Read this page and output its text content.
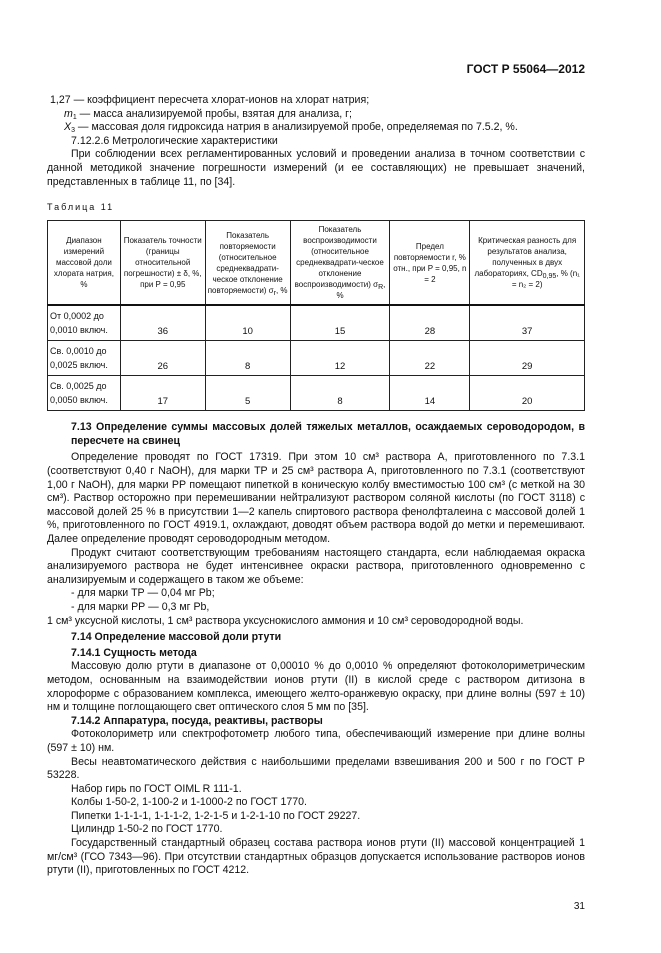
ГОСТ Р 55064—2012

1,27 — коэффициент пересчета хлорат-ионов на хлорат натрия;

$m_1$ — масса анализируемой пробы, взятая для анализа, г;

$X_3$ — массовая доля гидроксида натрия в анализируемой пробе, определяемая по 7.5.2, %.

7.12.2.6 Метрологические характеристики

При соблюдении всех регламентированных условий и проведении анализа в точном соответствии с данной методикой значение погрешности измерений (и ее составляющих) не превышает значений, представленных в таблице 11, по [34].

Таблица 11

Диапазон измерений массовой доли хлората натрия, %	Показатель точности (границы относительной погрешности) ± δ, %, при P = 0,95	Показатель повторяемости (относительное среднеквадрати-ческое отклонение повторяемости) $\sigma_r$, %	Показатель воспроизводимости (относительное среднеквадрати-ческое отклонение воспроизводимости) $\sigma_R$, %	Предел повторяемости r, % отн., при P = 0,95, n = 2	Критическая разность для результатов анализа, полученных в двух лабораториях, $CD_{0,95}$, % (n₁ = n₂ = 2)
От 0,0002 до 0,0010 включ.	36	10	15	28	37
Св. 0,0010 до 0,0025 включ.	26	8	12	22	29
Св. 0,0025 до 0,0050 включ.	17	5	8	14	20

7.13 Определение суммы массовых долей тяжелых металлов, осаждаемых сероводородом, в пересчете на свинец

Определение проводят по ГОСТ 17319. При этом 10 см³ раствора А, приготовленного по 7.3.1 (соответствуют 0,40 г NaOH), для марки ТР и 25 см³ раствора А, приготовленного по 7.3.1 (соответствуют 1,00 г NaOH), для марки РР помещают пипеткой в коническую колбу вместимостью 100 см³ (с меткой на 30 см³). Раствор осторожно при перемешивании нейтрализуют раствором соляной кислоты (по ГОСТ 3118) с массовой долей 25 % в присутствии 1—2 капель спиртового раствора фенолфталеина с массовой долей 1 %, приготовленного по ГОСТ 4919.1, охлаждают, доводят объем раствора водой до метки и перемешивают. Далее определение проводят сероводородным методом.

Продукт считают соответствующим требованиям настоящего стандарта, если наблюдаемая окраска анализируемого раствора не будет интенсивнее окраски раствора, приготовленного одновременно с анализируемым и содержащего в таком же объеме:

- для марки ТР — 0,04 мг Pb;

- для марки РР — 0,3 мг Pb,

1 см³ уксусной кислоты, 1 см³ раствора уксуснокислого аммония и 10 см³ сероводородной воды.

7.14 Определение массовой доли ртути

7.14.1 Сущность метода

Массовую долю ртути в диапазоне от 0,00010 % до 0,0010 % определяют фотоколориметрическим методом, основанным на взаимодействии ионов ртути (II) в кислой среде с раствором дитизона в хлороформе с образованием комплекса, имеющего желто-оранжевую окраску, при длине волны (597 ± 10) нм и толщине поглощающего свет оптического слоя 5 мм по [35].

7.14.2 Аппаратура, посуда, реактивы, растворы

Фотоколориметр или спектрофотометр любого типа, обеспечивающий измерение при длине волны (597 ± 10) нм.

Весы неавтоматического действия с наибольшими пределами взвешивания 200 и 500 г по ГОСТ Р 53228.

Набор гирь по ГОСТ OIML R 111-1.

Колбы 1-50-2, 1-100-2 и 1-1000-2 по ГОСТ 1770.

Пипетки 1-1-1-1, 1-1-1-2, 1-2-1-5 и 1-2-1-10 по ГОСТ 29227.

Цилиндр 1-50-2 по ГОСТ 1770.

Государственный стандартный образец состава раствора ионов ртути (II) массовой концентрацией 1 мг/см³ (ГСО 7343—96). При отсутствии стандартных образцов допускается использование растворов ионов ртути (II), приготовленных по ГОСТ 4212.

31
